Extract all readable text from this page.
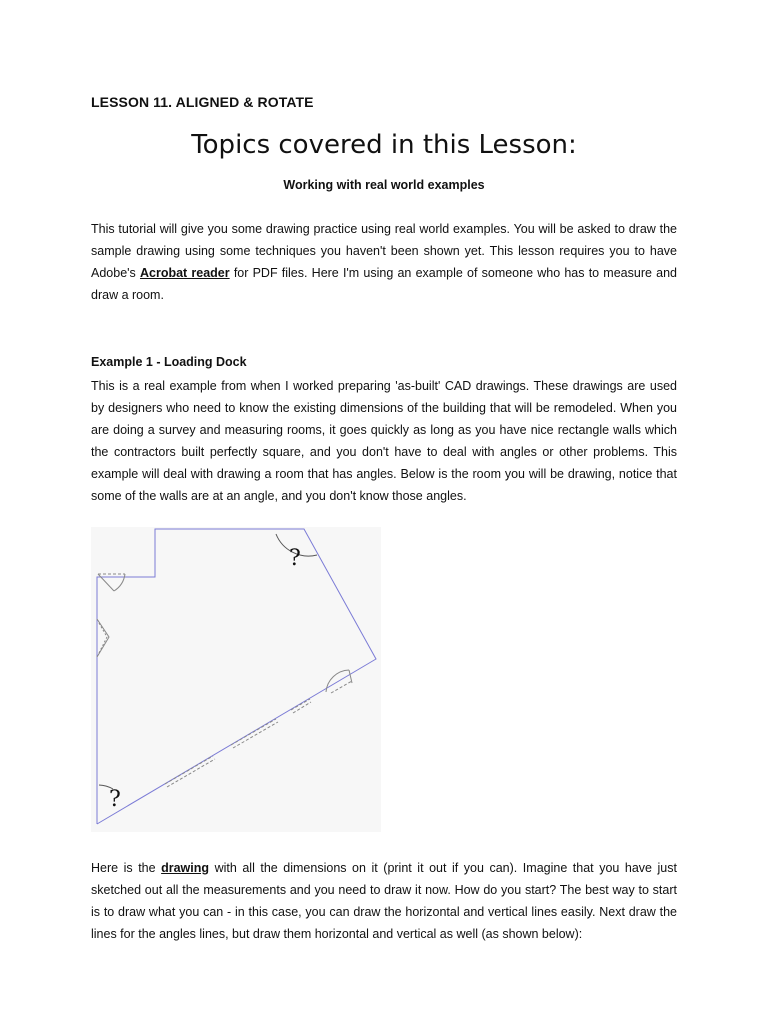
LESSON 11. ALIGNED & ROTATE
Topics covered in this Lesson:
Working with real world examples
This tutorial will give you some drawing practice using real world examples. You will be asked to draw the sample drawing using some techniques you haven't been shown yet. This lesson requires you to have Adobe's Acrobat reader for PDF files. Here I'm using an example of someone who has to measure and draw a room.
Example 1 - Loading Dock
This is a real example from when I worked preparing 'as-built' CAD drawings. These drawings are used by designers who need to know the existing dimensions of the building that will be remodeled. When you are doing a survey and measuring rooms, it goes quickly as long as you have nice rectangle walls which the contractors built perfectly square, and you don't have to deal with angles or other problems. This example will deal with drawing a room that has angles. Below is the room you will be drawing, notice that some of the walls are at an angle, and you don't know those angles.
?
?
Here is the drawing with all the dimensions on it (print it out if you can). Imagine that you have just sketched out all the measurements and you need to draw it now. How do you start? The best way to start is to draw what you can - in this case, you can draw the horizontal and vertical lines easily. Next draw the lines for the angles lines, but draw them horizontal and vertical as well (as shown below):
